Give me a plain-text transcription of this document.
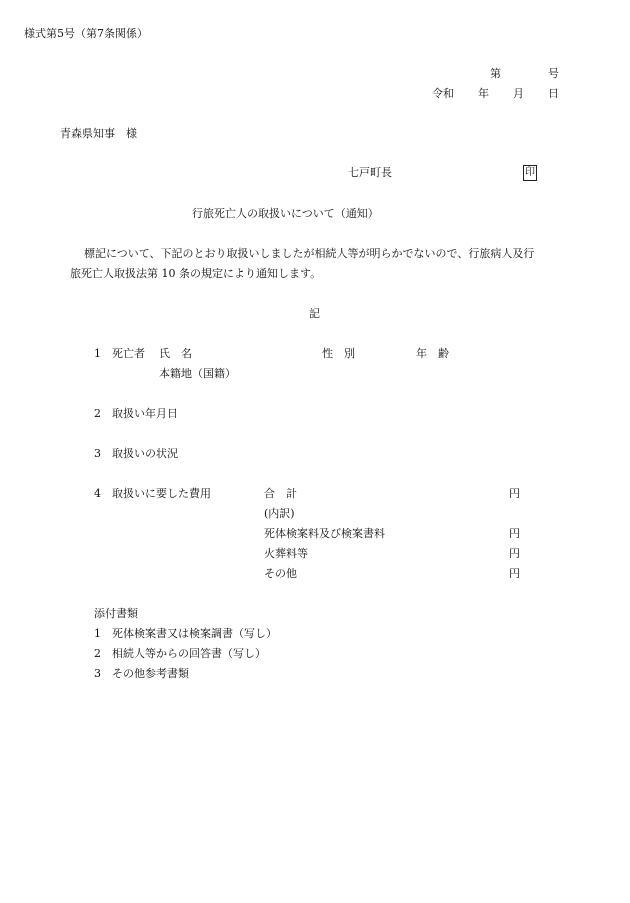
様式第5号（第7条関係）
第	号
令和 年 月 日
青森県知事　様
七戸町長	印
行旅死亡人の取扱いについて（通知）
標記について、下記のとおり取扱いしましたが相続人等が明らかでないので、行旅病人及行
旅死亡人取扱法第 10 条の規定により通知します。
記
1 死亡者 氏　名	性　別	年　齢
本籍地（国籍）
2 取扱い年月日
3 取扱いの状況
4 取扱いに要した費用	合　計	円
(内訳)
死体検案料及び検案書料	円
火葬料等	円
その他	円
添付書類
1 死体検案書又は検案調書（写し）
2 相続人等からの回答書（写し）
3 その他参考書類
